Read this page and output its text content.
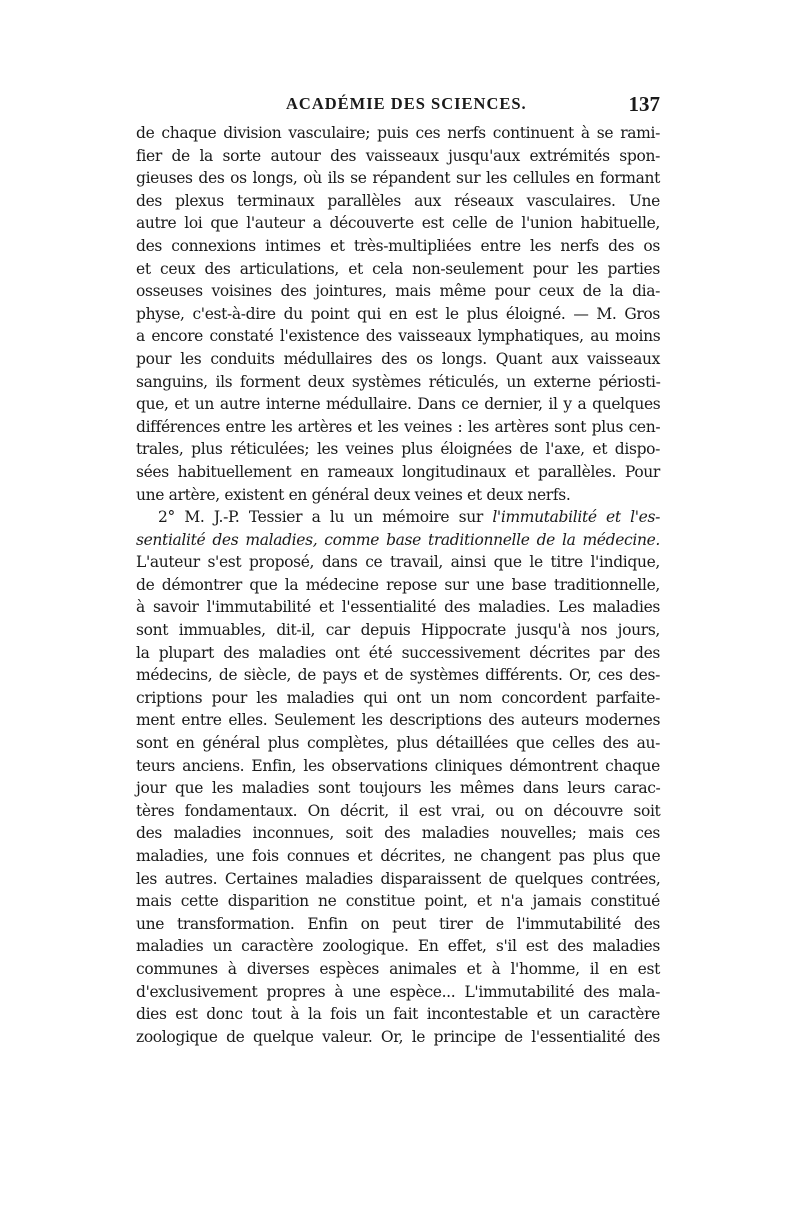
ACADÉMIE DES SCIENCES.	137
de chaque division vasculaire; puis ces nerfs continuent à se rami-
fier de la sorte autour des vaisseaux jusqu'aux extrémités spon-
gieuses des os longs, où ils se répandent sur les cellules en formant
des plexus terminaux parallèles aux réseaux vasculaires. Une
autre loi que l'auteur a découverte est celle de l'union habituelle,
des connexions intimes et très-multipliées entre les nerfs des os
et ceux des articulations, et cela non-seulement pour les parties
osseuses voisines des jointures, mais même pour ceux de la dia-
physe, c'est-à-dire du point qui en est le plus éloigné. — M. Gros
a encore constaté l'existence des vaisseaux lymphatiques, au moins
pour les conduits médullaires des os longs. Quant aux vaisseaux
sanguins, ils forment deux systèmes réticulés, un externe périosti-
que, et un autre interne médullaire. Dans ce dernier, il y a quelques
différences entre les artères et les veines : les artères sont plus cen-
trales, plus réticulées; les veines plus éloignées de l'axe, et dispo-
sées habituellement en rameaux longitudinaux et parallèles. Pour
une artère, existent en général deux veines et deux nerfs.
2° M. J.-P. Tessier a lu un mémoire sur l'immutabilité et l'es-
sentialité des maladies, comme base traditionnelle de la médecine.
L'auteur s'est proposé, dans ce travail, ainsi que le titre l'indique,
de démontrer que la médecine repose sur une base traditionnelle,
à savoir l'immutabilité et l'essentialité des maladies. Les maladies
sont immuables, dit-il, car depuis Hippocrate jusqu'à nos jours,
la plupart des maladies ont été successivement décrites par des
médecins, de siècle, de pays et de systèmes différents. Or, ces des-
criptions pour les maladies qui ont un nom concordent parfaite-
ment entre elles. Seulement les descriptions des auteurs modernes
sont en général plus complètes, plus détaillées que celles des au-
teurs anciens. Enfin, les observations cliniques démontrent chaque
jour que les maladies sont toujours les mêmes dans leurs carac-
tères fondamentaux. On décrit, il est vrai, ou on découvre soit
des maladies inconnues, soit des maladies nouvelles; mais ces
maladies, une fois connues et décrites, ne changent pas plus que
les autres. Certaines maladies disparaissent de quelques contrées,
mais cette disparition ne constitue point, et n'a jamais constitué
une transformation. Enfin on peut tirer de l'immutabilité des
maladies un caractère zoologique. En effet, s'il est des maladies
communes à diverses espèces animales et à l'homme, il en est
d'exclusivement propres à une espèce... L'immutabilité des mala-
dies est donc tout à la fois un fait incontestable et un caractère
zoologique de quelque valeur. Or, le principe de l'essentialité des
